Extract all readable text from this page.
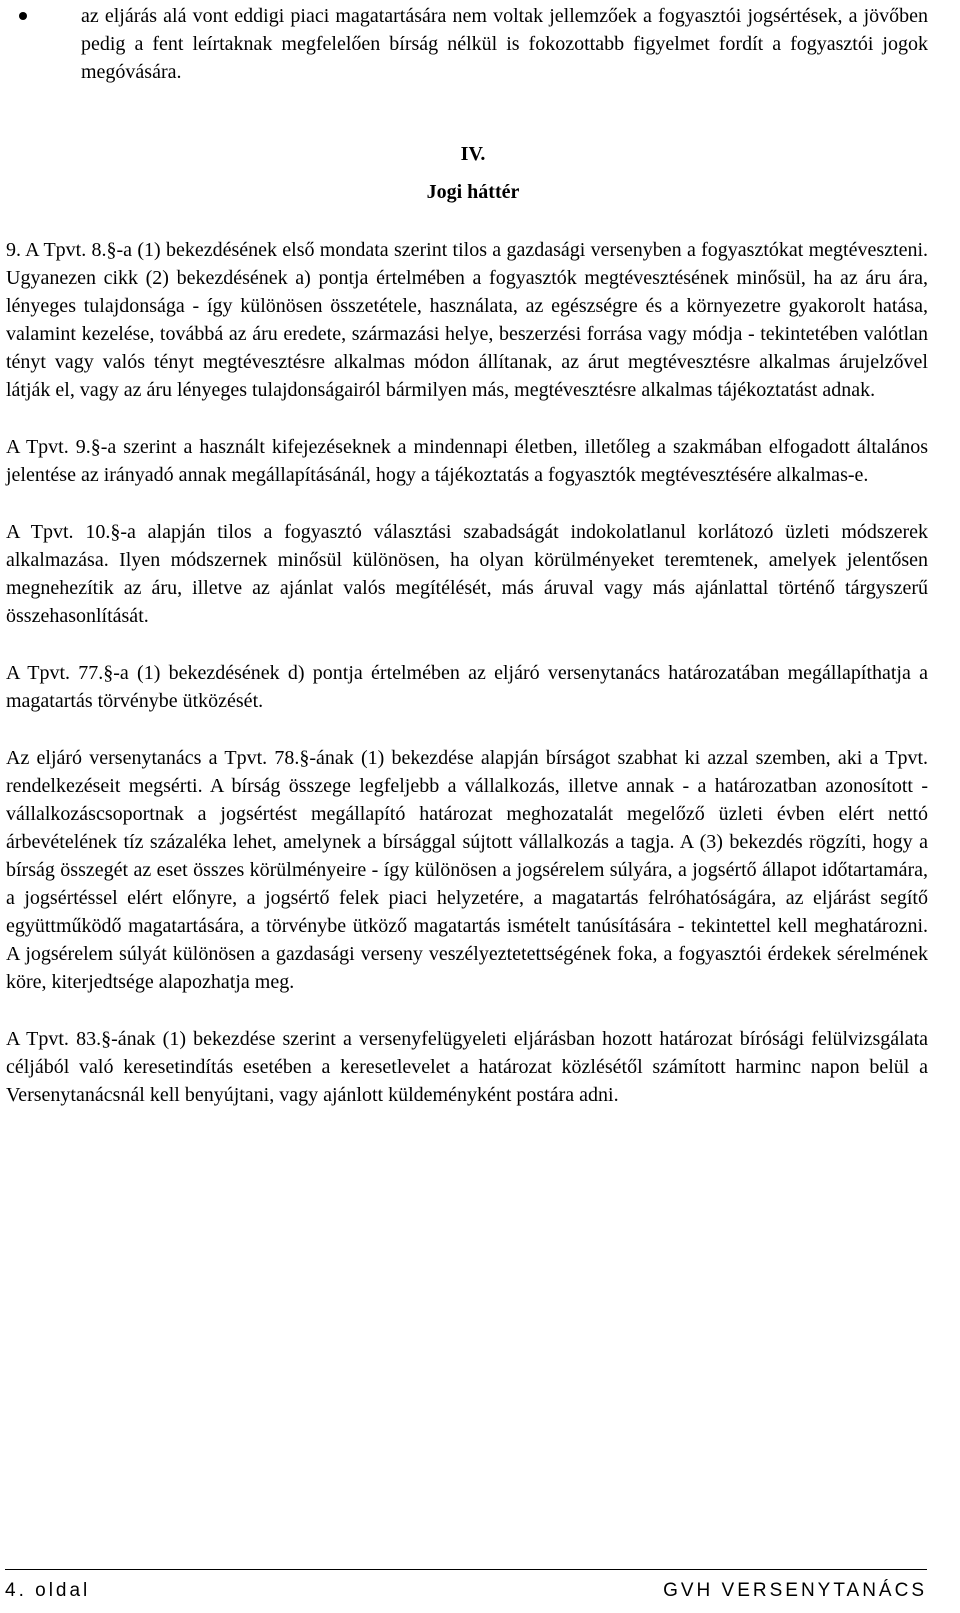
az eljárás alá vont eddigi piaci magatartására nem voltak jellemzőek a fogyasztói jogsértések, a jövőben pedig a fent leírtaknak megfelelően bírság nélkül is fokozottabb figyelmet fordít a fogyasztói jogok megóvására.
IV.
Jogi háttér

9. A Tpvt. 8.§-a (1) bekezdésének első mondata szerint tilos a gazdasági versenyben a fogyasztókat megtéveszteni. Ugyanezen cikk (2) bekezdésének a) pontja értelmében a fogyasztók megtévesztésének minősül, ha az áru ára, lényeges tulajdonsága - így különösen összetétele, használata, az egészségre és a környezetre gyakorolt hatása, valamint kezelése, továbbá az áru eredete, származási helye, beszerzési forrása vagy módja - tekintetében valótlan tényt vagy valós tényt megtévesztésre alkalmas módon állítanak, az árut megtévesztésre alkalmas árujelzővel látják el, vagy az áru lényeges tulajdonságairól bármilyen más, megtévesztésre alkalmas tájékoztatást adnak.

A Tpvt. 9.§-a szerint a használt kifejezéseknek a mindennapi életben, illetőleg a szakmában elfogadott általános jelentése az irányadó annak megállapításánál, hogy a tájékoztatás a fogyasztók megtévesztésére alkalmas-e.

A Tpvt. 10.§-a alapján tilos a fogyasztó választási szabadságát indokolatlanul korlátozó üzleti módszerek alkalmazása. Ilyen módszernek minősül különösen, ha olyan körülményeket teremtenek, amelyek jelentősen megnehezítik az áru, illetve az ajánlat valós megítélését, más áruval vagy más ajánlattal történő tárgyszerű összehasonlítását.

A Tpvt. 77.§-a (1) bekezdésének d) pontja értelmében az eljáró versenytanács határozatában megállapíthatja a magatartás törvénybe ütközését.

Az eljáró versenytanács a Tpvt. 78.§-ának (1) bekezdése alapján bírságot szabhat ki azzal szemben, aki a Tpvt. rendelkezéseit megsérti. A bírság összege legfeljebb a vállalkozás, illetve annak - a határozatban azonosított - vállalkozáscsoportnak a jogsértést megállapító határozat meghozatalát megelőző üzleti évben elért nettó árbevételének tíz százaléka lehet, amelynek a bírsággal sújtott vállalkozás a tagja. A (3) bekezdés rögzíti, hogy a bírság összegét az eset összes körülményeire - így különösen a jogsérelem súlyára, a jogsértő állapot időtartamára, a jogsértéssel elért előnyre, a jogsértő felek piaci helyzetére, a magatartás felróhatóságára, az eljárást segítő együttműködő magatartására, a törvénybe ütköző magatartás ismételt tanúsítására - tekintettel kell meghatározni. A jogsérelem súlyát különösen a gazdasági verseny veszélyeztetettségének foka, a fogyasztói érdekek sérelmének köre, kiterjedtsége alapozhatja meg.

A Tpvt. 83.§-ának (1) bekezdése szerint a versenyfelügyeleti eljárásban hozott határozat bírósági felülvizsgálata céljából való keresetindítás esetében a keresetlevelet a határozat közlésétől számított harminc napon belül a Versenytanácsnál kell benyújtani, vagy ajánlott küldeményként postára adni.

4. oldal	GVH VERSENYTANÁCS
